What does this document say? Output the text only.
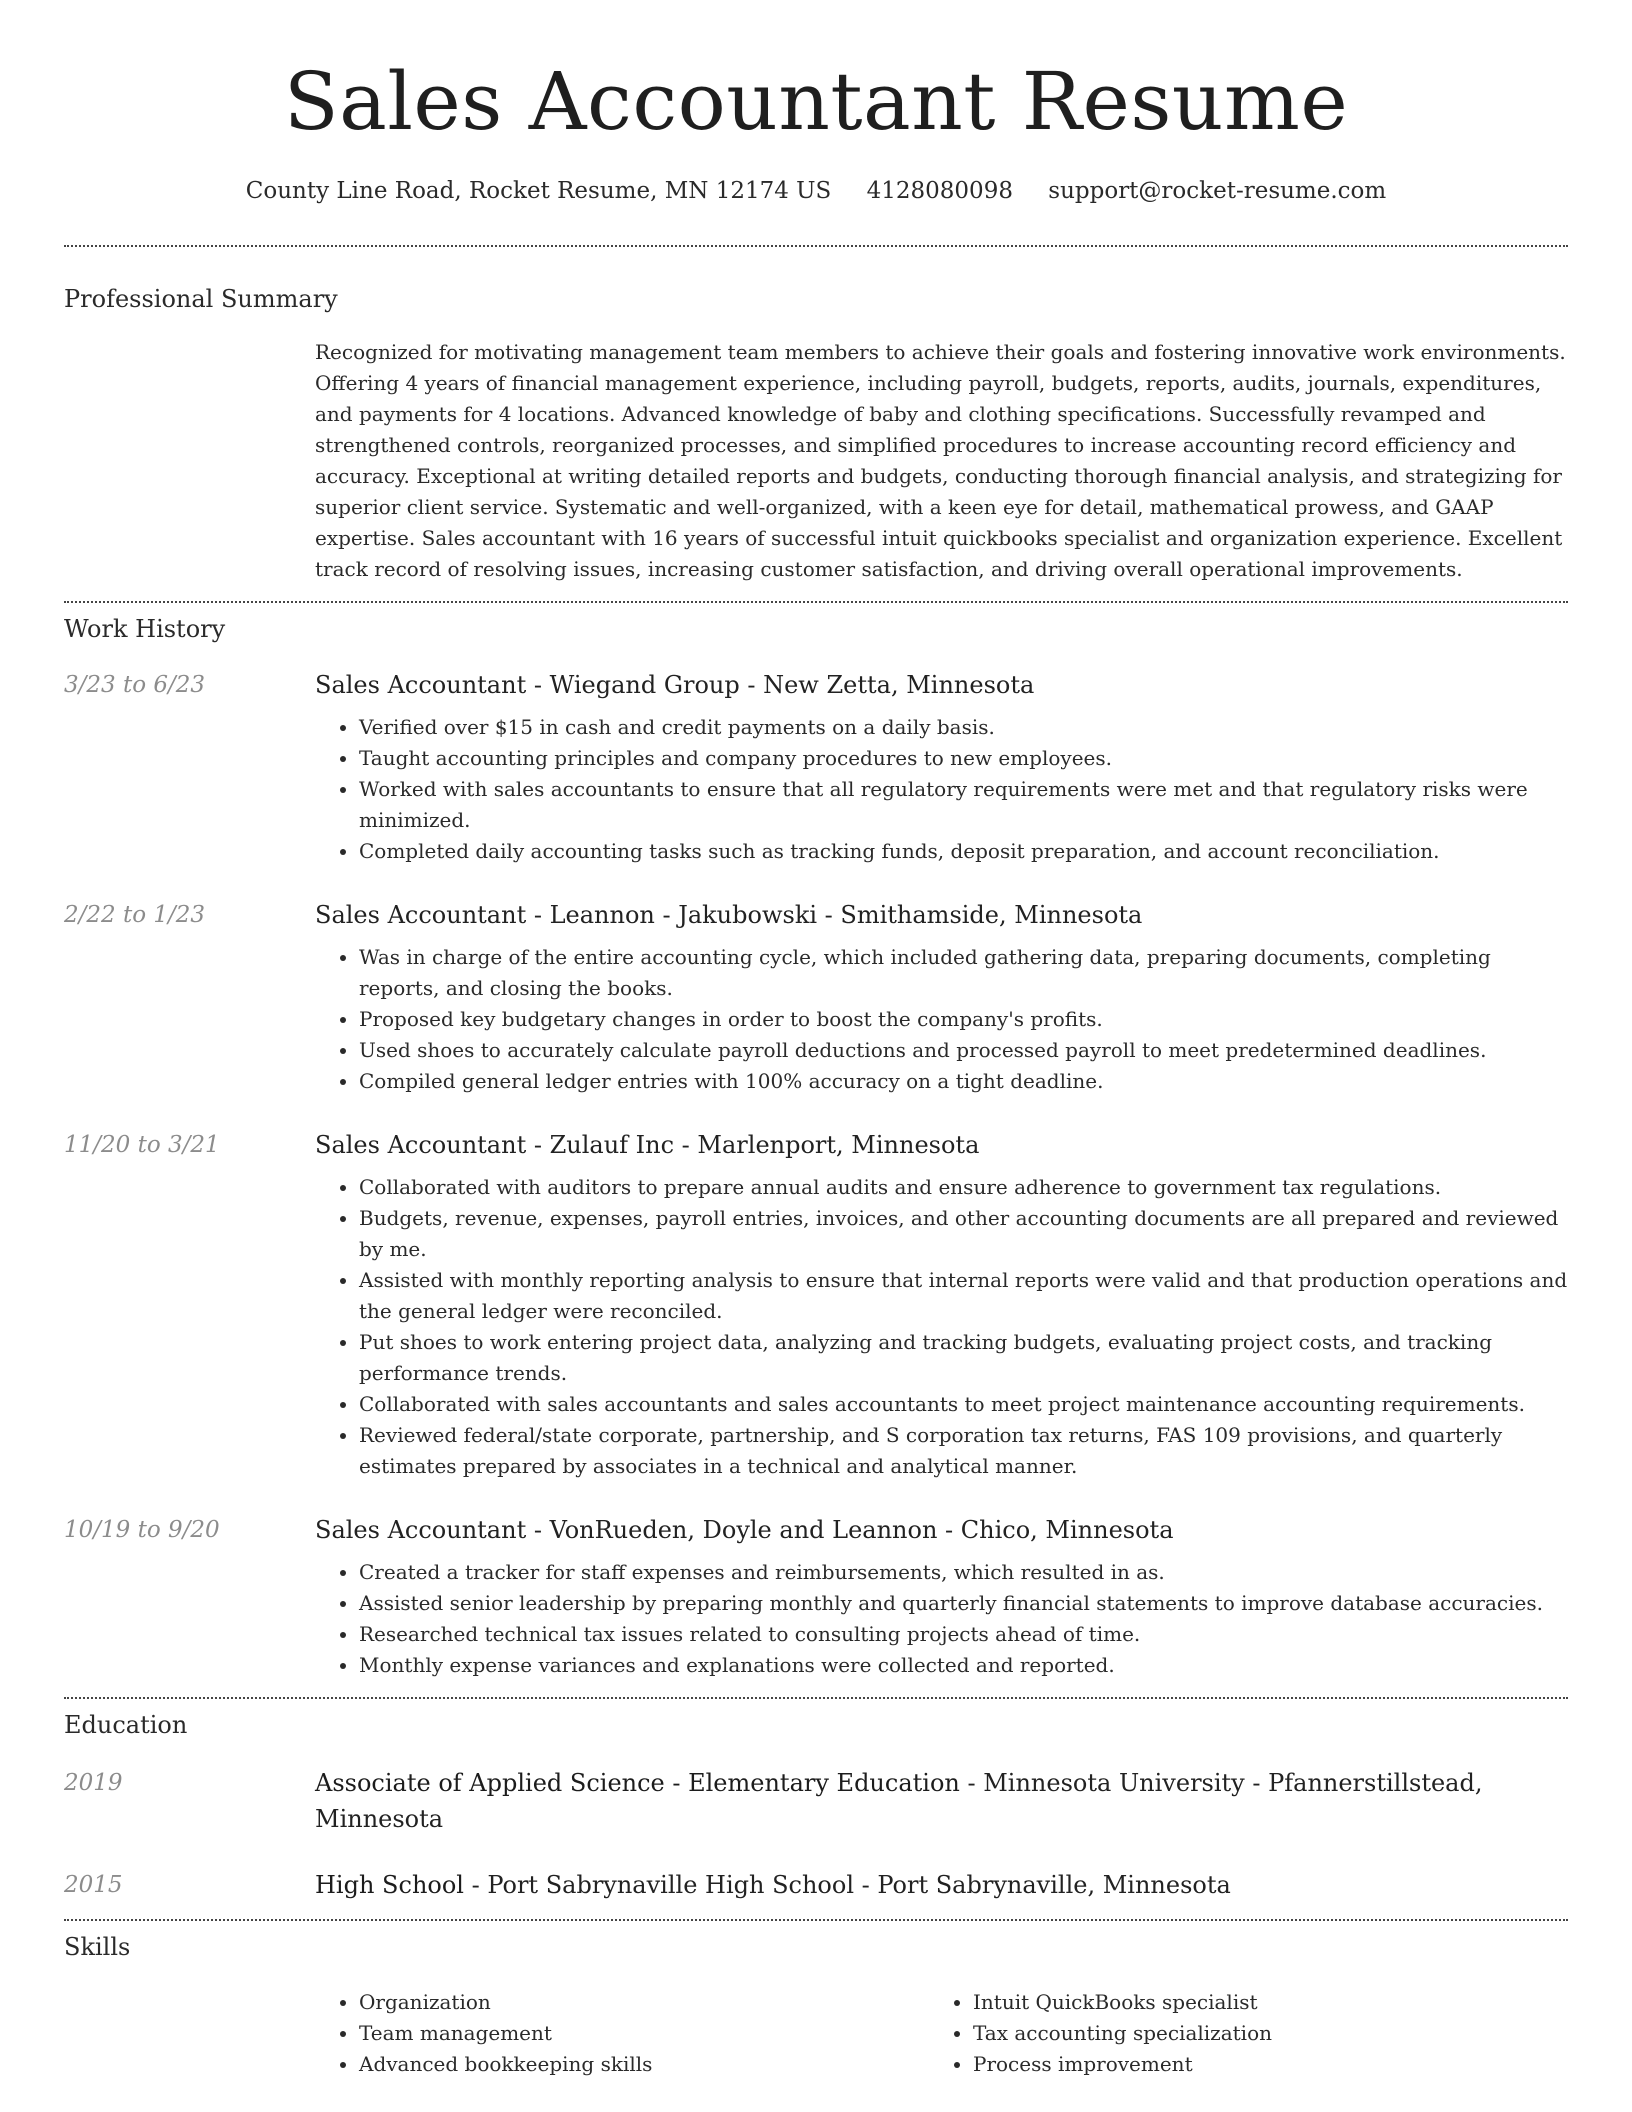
Sales Accountant Resume
County Line Road, Rocket Resume, MN 12174 US 4128080098 support@rocket-resume.com
Professional Summary

Recognized for motivating management team members to achieve their goals and fostering innovative work environments. Offering 4 years of financial management experience, including payroll, budgets, reports, audits, journals, expenditures, and payments for 4 locations. Advanced knowledge of baby and clothing specifications. Successfully revamped and strengthened controls, reorganized processes, and simplified procedures to increase accounting record efficiency and accuracy. Exceptional at writing detailed reports and budgets, conducting thorough financial analysis, and strategizing for superior client service. Systematic and well-organized, with a keen eye for detail, mathematical prowess, and GAAP expertise. Sales accountant with 16 years of successful intuit quickbooks specialist and organization experience. Excellent track record of resolving issues, increasing customer satisfaction, and driving overall operational improvements.

Work History
3/23 to 6/23	Sales Accountant - Wiegand Group - New Zetta, Minnesota
• Verified over $15 in cash and credit payments on a daily basis.
• Taught accounting principles and company procedures to new employees.
• Worked with sales accountants to ensure that all regulatory requirements were met and that regulatory risks were minimized.
• Completed daily accounting tasks such as tracking funds, deposit preparation, and account reconciliation.
2/22 to 1/23	Sales Accountant - Leannon - Jakubowski - Smithamside, Minnesota
• Was in charge of the entire accounting cycle, which included gathering data, preparing documents, completing reports, and closing the books.
• Proposed key budgetary changes in order to boost the company's profits.
• Used shoes to accurately calculate payroll deductions and processed payroll to meet predetermined deadlines.
• Compiled general ledger entries with 100% accuracy on a tight deadline.
11/20 to 3/21	Sales Accountant - Zulauf Inc - Marlenport, Minnesota
• Collaborated with auditors to prepare annual audits and ensure adherence to government tax regulations.
• Budgets, revenue, expenses, payroll entries, invoices, and other accounting documents are all prepared and reviewed by me.
• Assisted with monthly reporting analysis to ensure that internal reports were valid and that production operations and the general ledger were reconciled.
• Put shoes to work entering project data, analyzing and tracking budgets, evaluating project costs, and tracking performance trends.
• Collaborated with sales accountants and sales accountants to meet project maintenance accounting requirements.
• Reviewed federal/state corporate, partnership, and S corporation tax returns, FAS 109 provisions, and quarterly estimates prepared by associates in a technical and analytical manner.
10/19 to 9/20	Sales Accountant - VonRueden, Doyle and Leannon - Chico, Minnesota
• Created a tracker for staff expenses and reimbursements, which resulted in as.
• Assisted senior leadership by preparing monthly and quarterly financial statements to improve database accuracies.
• Researched technical tax issues related to consulting projects ahead of time.
• Monthly expense variances and explanations were collected and reported.
Education
2019	Associate of Applied Science - Elementary Education - Minnesota University - Pfannerstillstead, Minnesota
2015	High School - Port Sabrynaville High School - Port Sabrynaville, Minnesota
Skills
• Organization
• Team management
• Advanced bookkeeping skills
• Intuit QuickBooks specialist
• Tax accounting specialization
• Process improvement
